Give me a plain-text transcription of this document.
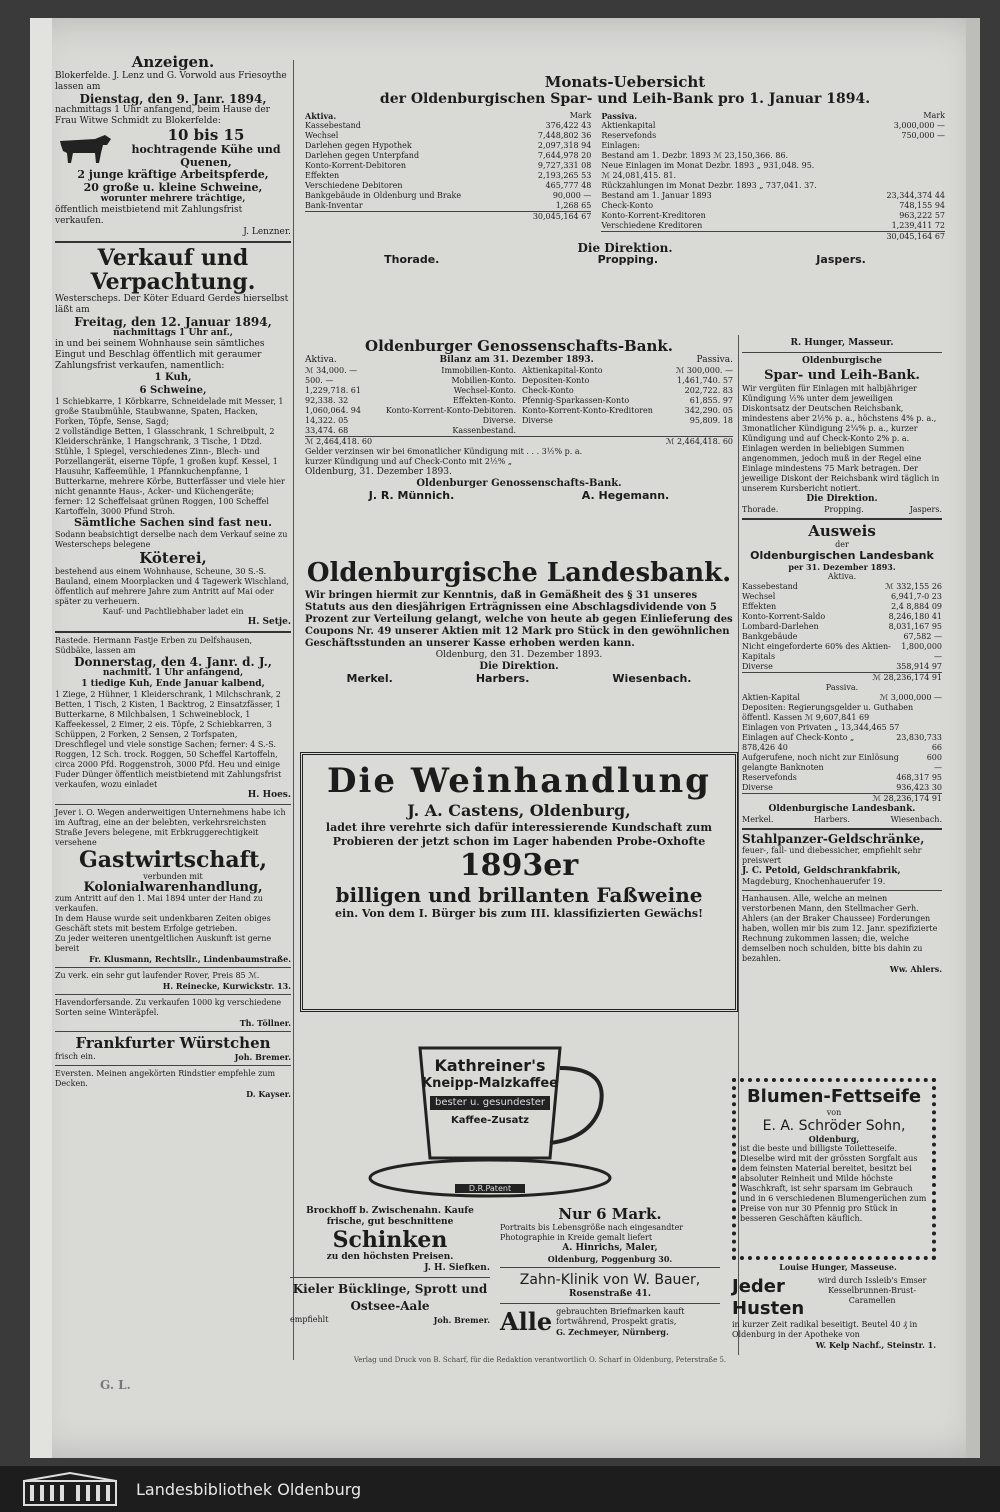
Anzeigen.

Blokerfelde. J. Lenz und G. Vorwold aus Friesoythe lassen am

Dienstag, den 9. Janr. 1894,

nachmittags 1 Uhr anfangend, beim Hause der Frau Witwe Schmidt zu Blokerfelde:

10 bis 15
hochtragende Kühe und Quenen,

2 junge kräftige Arbeitspferde,

20 große u. kleine Schweine,

worunter mehrere trächtige,

öffentlich meistbietend mit Zahlungsfrist verkaufen.

J. Lenzner.

Verkauf und Verpachtung.

Westerscheps. Der Köter Eduard Gerdes hierselbst läßt am

Freitag, den 12. Januar 1894,

nachmittags 1 Uhr anf.,

in und bei seinem Wohnhause sein sämtliches Eingut und Beschlag öffentlich mit geraumer Zahlungsfrist verkaufen, namentlich:

1 Kuh,

6 Schweine,

1 Schiebkarre, 1 Körbkarre, Schneidelade mit Messer, 1 große Staubmühle, Staubwanne, Spaten, Hacken, Forken, Töpfe, Sense, Sagd;

2 vollständige Betten, 1 Glasschrank, 1 Schreibpult, 2 Kleiderschränke, 1 Hangschrank, 3 Tische, 1 Dtzd. Stühle, 1 Spiegel, verschiedenes Zinn-, Blech- und Porzellangerät, eiserne Töpfe, 1 großen kupf. Kessel, 1 Hausuhr, Kaffeemühle, 1 Pfannkuchenpfanne, 1 Butterkarne, mehrere Körbe, Butterfässer und viele hier nicht genannte Haus-, Acker- und Küchengeräte;

ferner: 12 Scheffelsaat grünen Roggen, 100 Scheffel Kartoffeln, 3000 Pfund Stroh.

Sämtliche Sachen sind fast neu.

Sodann beabsichtigt derselbe nach dem Verkauf seine zu Westerscheps belegene

Köterei,

bestehend aus einem Wohnhause, Scheune, 30 S.-S. Bauland, einem Moorplacken und 4 Tagewerk Wischland, öffentlich auf mehrere Jahre zum Antritt auf Mai oder später zu verheuern.

Kauf- und Pachtliebhaber ladet ein

H. Setje.

Rastede. Hermann Fastje Erben zu Delfshausen, Südbäke, lassen am

Donnerstag, den 4. Janr. d. J.,

nachmitt. 1 Uhr anfangend,

1 tiedige Kuh, Ende Januar kalbend,

1 Ziege, 2 Hühner, 1 Kleiderschrank, 1 Milchschrank, 2 Betten, 1 Tisch, 2 Kisten, 1 Backtrog, 2 Einsatzfässer, 1 Butterkarne, 8 Milchbalsen, 1 Schweineblock, 1 Kaffeekessel, 2 Eimer, 2 eis. Töpfe, 2 Schiebkarren, 3 Schüppen, 2 Forken, 2 Sensen, 2 Torfspaten, Dreschflegel und viele sonstige Sachen; ferner: 4 S.-S. Roggen, 12 Sch. trock. Roggen, 50 Scheffel Kartoffeln, circa 2000 Pfd. Roggenstroh, 3000 Pfd. Heu und einige Fuder Dünger öffentlich meistbietend mit Zahlungsfrist verkaufen, wozu einladet

H. Hoes.

Jever i. O. Wegen anderweitigen Unternehmens habe ich im Auftrag, eine an der belebten, verkehrsreichsten Straße Jevers belegene, mit Erbkruggerechtigkeit versehene

Gastwirtschaft,

verbunden mit

Kolonialwarenhandlung,

zum Antritt auf den 1. Mai 1894 unter der Hand zu verkaufen.

In dem Hause wurde seit undenkbaren Zeiten obiges Geschäft stets mit bestem Erfolge getrieben.

Zu jeder weiteren unentgeltlichen Auskunft ist gerne bereit

Fr. Klusmann, Rechtsllr., Lindenbaumstraße.

Zu verk. ein sehr gut laufender Rover, Preis 85 ℳ.

H. Reinecke, Kurwickstr. 13.

Havendorfersande. Zu verkaufen 1000 kg verschiedene Sorten seine Winteräpfel.

Th. Töllner.

Frankfurter Würstchen

frisch ein.	Joh. Bremer.

Eversten. Meinen angekörten Rindstier empfehle zum Decken.

D. Kayser.

Monats-Uebersicht
der Oldenburgischen Spar- und Leih-Bank pro 1. Januar 1894.
Aktiva.	Mark
Kassebestand	376,422 43
Wechsel	7,448,802 36
Darlehen gegen Hypothek	2,097,318 94
Darlehen gegen Unterpfand	7,644,978 20
Konto-Korrent-Debitoren	9,727,331 08
Effekten	2,193,265 53
Verschiedene Debitoren	465,777 48
Bankgebäude in Oldenburg und Brake	90,000 —
Bank-Inventar	1,268 65
30,045,164 67
Passiva.	Mark
Aktienkapital	3,000,000 —
Reservefonds	750,000 —
Einlagen:
Bestand am 1. Dezbr. 1893 ℳ 23,150,366. 86.
Neue Einlagen im Monat Dezbr. 1893 „ 931,048. 95.
ℳ 24,081,415. 81.
Rückzahlungen im Monat Dezbr. 1893 „ 737,041. 37.
Bestand am 1. Januar 1893	23,344,374 44
Check-Konto	748,155 94
Konto-Korrent-Kreditoren	963,222 57
Verschiedene Kreditoren	1,239,411 72
30,045,164 67
Die Direktion.
Thorade.	Propping.	Jaspers.
Oldenburger Genossenschafts-Bank.
Aktiva.	Bilanz am 31. Dezember 1893.	Passiva.
ℳ 34,000. —	Immobilien-Konto.
500. —	Mobilien-Konto.
1,229,718. 61	Wechsel-Konto.
92,338. 32	Effekten-Konto.
1,060,064. 94	Konto-Korrent-Konto-Debitoren.
14,322. 05	Diverse.
33,474. 68	Kassenbestand.
Aktienkapital-Konto	ℳ 300,000. —
Depositen-Konto	1,461,740. 57
Check-Konto	202,722. 83
Pfennig-Sparkassen-Konto	61,855. 97
Konto-Korrent-Konto-Kreditoren	342,290. 05
Diverse	95,809. 18
ℳ 2,464,418. 60	ℳ 2,464,418. 60

Gelder verzinsen wir bei 6monatlicher Kündigung mit . . . 3½% p. a.

kurzer Kündigung und auf Check-Conto mit 2½% „

Oldenburg, 31. Dezember 1893.

Oldenburger Genossenschafts-Bank.

J. R. Münnich.	A. Hegemann.

R. Hunger, Masseur.

Oldenburgische

Spar- und Leih-Bank.

Wir vergüten für Einlagen mit halbjähriger Kündigung ½% unter dem jeweiligen Diskontsatz der Deutschen Reichsbank, mindestens aber 2½% p. a., höchstens 4% p. a., 3monatlicher Kündigung 2¼% p. a., kurzer Kündigung und auf Check-Konto 2% p. a. Einlagen werden in beliebigen Summen angenommen, jedoch muß in der Regel eine Einlage mindestens 75 Mark betragen. Der jeweilige Diskont der Reichsbank wird täglich in unserem Kursbericht notiert.

Die Direktion.

Thorade.	Propping.	Jaspers.

Ausweis

der

Oldenburgischen Landesbank

per 31. Dezember 1893.

Aktiva.

Kassebestand	ℳ 332,155 26
Wechsel	6,941,7-0 23
Effekten	2,4 8,884 09
Konto-Korrent-Saldo	8,246,180 41
Lombard-Darlehen	8,031,167 95
Bankgebäude	67,582 —
Nicht eingeforderte 60% des Aktien-Kapitals
1,800,000 —
Diverse	358,914 97
ℳ 28,236,174 91

Passiva.

Aktien-Kapital	ℳ 3,000,000 —
Depositen: Regierungsgelder u. Guthaben öffentl. Kassen ℳ 9,607,841 69
Einlagen von Privaten „ 13,344,465 57
Einlagen auf Check-Konto „ 878,426 40
23,830,733 66
Aufgerufene, noch nicht zur Einlösung gelangte Banknoten
600 —
Reservefonds	468,317 95
Diverse	936,423 30
ℳ 28,236,174 91

Oldenburgische Landesbank.

Merkel.	Harbers.	Wiesenbach.

Stahlpanzer-Geldschränke,

feuer-, fall- und diebessicher, empfiehlt sehr preiswert

J. C. Petold, Geldschrankfabrik,

Magdeburg, Knochenhauerufer 19.

Hanhausen. Alle, welche an meinen verstorbenen Mann, den Stellmacher Gerh. Ahlers (an der Braker Chaussee) Forderungen haben, wollen mir bis zum 12. Janr. spezifizierte Rechnung zukommen lassen; die, welche demselben noch schulden, bitte bis dahin zu bezahlen.

Ww. Ahlers.

Blumen-Fettseife
von
E. A. Schröder Sohn,
Oldenburg,
ist die beste und billigste Toiletteseife. Dieselbe wird mit der grössten Sorgfalt aus dem feinsten Material bereitet, besitzt bei absoluter Reinheit und Milde höchste Waschkraft, ist sehr sparsam im Gebrauch und in 6 verschiedenen Blumengerüchen zum Preise von nur 30 Pfennig pro Stück in besseren Geschäften käuflich.
Louise Hunger, Masseuse.
Jeder
Husten
wird durch Issleib's Emser Kesselbrunnen-Brust-Caramellen
in kurzer Zeit radikal beseitigt. Beutel 40 ₰ in Oldenburg in der Apotheke von
W. Kelp Nachf., Steinstr. 1.
Oldenburgische Landesbank.

Wir bringen hiermit zur Kenntnis, daß in Gemäßheit des § 31 unseres Statuts aus den diesjährigen Erträgnissen eine Abschlagsdividende von 5 Prozent zur Verteilung gelangt, welche von heute ab gegen Einlieferung des Coupons Nr. 49 unserer Aktien mit 12 Mark pro Stück in den gewöhnlichen Geschäftsstunden an unserer Kasse erhoben werden kann.

Oldenburg, den 31. Dezember 1893.

Die Direktion.

Merkel.	Harbers.	Wiesenbach.
Die Weinhandlung
J. A. Castens, Oldenburg,
ladet ihre verehrte sich dafür interessierende Kundschaft zum Probieren der jetzt schon im Lager habenden Probe-Oxhofte
1893er
billigen und brillanten Faßweine
ein. Von dem I. Bürger bis zum III. klassifizierten Gewächs!
Kathreiner's
Kneipp-Malzkaffee
bester u. gesundester
Kaffee-Zusatz
D.R.Patent

Brockhoff b. Zwischenahn. Kaufe frische, gut beschnittene

Schinken

zu den höchsten Preisen.

J. H. Siefken.

Kieler Bücklinge, Sprott und Ostsee-Aale

empfiehlt	Joh. Bremer.

Nur 6 Mark.

Portraits bis Lebensgröße nach eingesandter Photographie in Kreide gemalt liefert

A. Hinrichs, Maler,

Oldenburg, Poggenburg 30.

Zahn-Klinik von W. Bauer,

Rosenstraße 41.

Alle gebrauchten Briefmarken kauft fortwährend, Prospekt gratis,
G. Zechmeyer, Nürnberg.
Verlag und Druck von B. Scharf, für die Redaktion verantwortlich O. Scharf in Oldenburg, Peterstraße 5.
G. L.
Landesbibliothek Oldenburg
